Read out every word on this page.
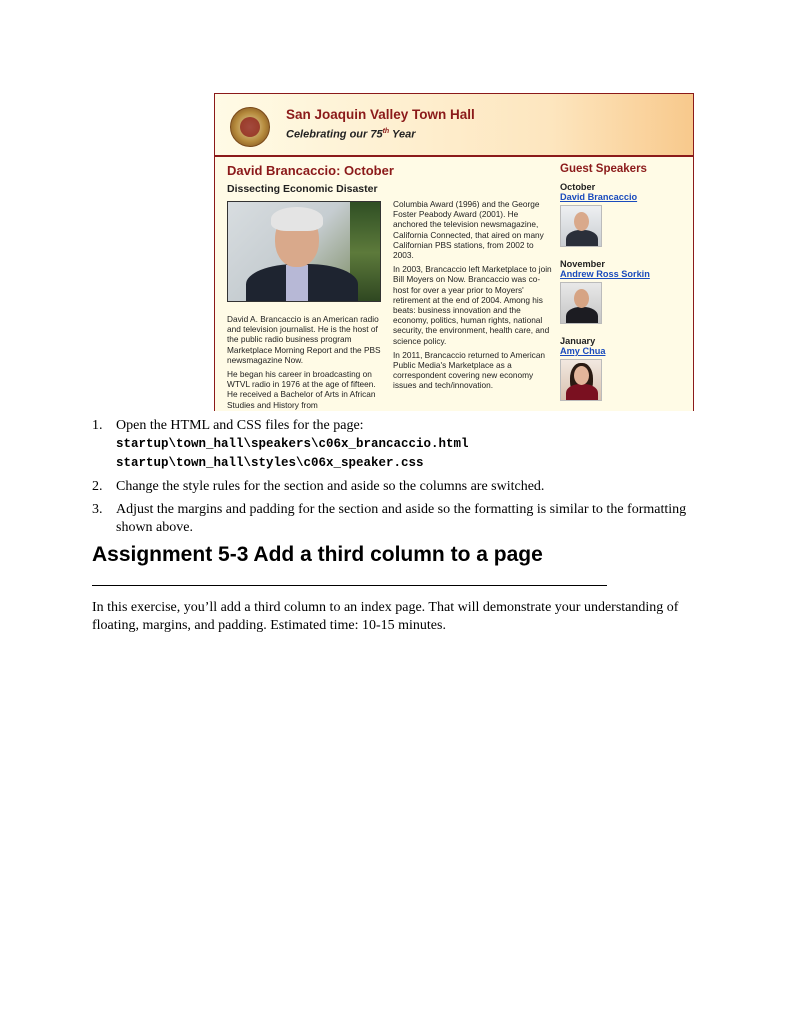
San Joaquin Valley Town Hall
Celebrating our 75th Year
David Brancaccio: October
Dissecting Economic Disaster

David A. Brancaccio is an American radio and television journalist. He is the host of the public radio business program Marketplace Morning Report and the PBS newsmagazine Now.

He began his career in broadcasting on WTVL radio in 1976 at the age of fifteen. He received a Bachelor of Arts in African Studies and History from

Columbia Award (1996) and the George Foster Peabody Award (2001). He anchored the television newsmagazine, California Connected, that aired on many Californian PBS stations, from 2002 to 2003.

In 2003, Brancaccio left Marketplace to join Bill Moyers on Now. Brancaccio was co-host for over a year prior to Moyers' retirement at the end of 2004. Among his beats: business innovation and the economy, politics, human rights, national security, the environment, health care, and science policy.

In 2011, Brancaccio returned to American Public Media's Marketplace as a correspondent covering new economy issues and tech/innovation.

Guest Speakers
October
David Brancaccio
November
Andrew Ross Sorkin
January
Amy Chua
1. Open the HTML and CSS files for the page:
startup\town_hall\speakers\c06x_brancaccio.html
startup\town_hall\styles\c06x_speaker.css
2. Change the style rules for the section and aside so the columns are switched.
3. Adjust the margins and padding for the section and aside so the formatting is similar to the formatting shown above.
Assignment 5-3 Add a third column to a page

In this exercise, you’ll add a third column to an index page. That will demonstrate your understanding of floating, margins, and padding. Estimated time: 10-15 minutes.
